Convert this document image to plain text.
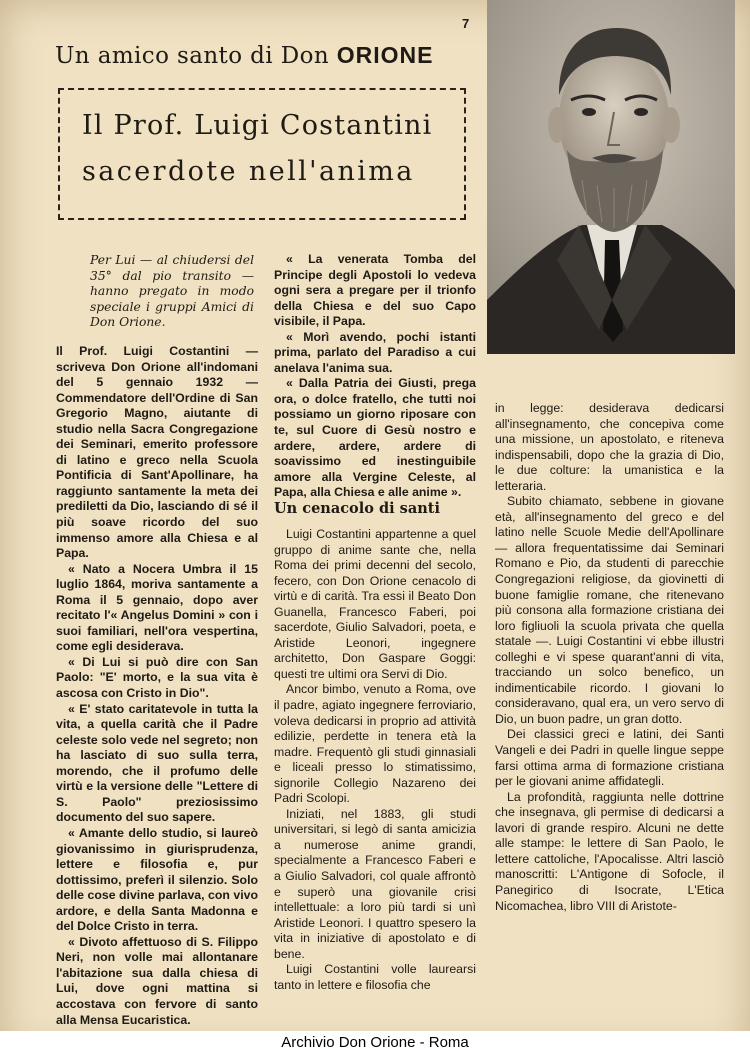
7
Un amico santo di Don ORIONE
Il Prof. Luigi Costantini
sacerdote nell'anima
Per Lui — al chiudersi del 35° dal pio transito — hanno pregato in modo speciale i gruppi Amici di Don Orione.

Il Prof. Luigi Costantini — scriveva Don Orione all'indomani del 5 gennaio 1932 — Commendatore dell'Ordine di San Gregorio Magno, aiutante di studio nella Sacra Congregazione dei Seminari, emerito professore di latino e greco nella Scuola Pontificia di Sant'Apollinare, ha raggiunto santamente la meta dei prediletti da Dio, lasciando di sé il più soave ricordo del suo immenso amore alla Chiesa e al Papa.

« Nato a Nocera Umbra il 15 luglio 1864, moriva santamente a Roma il 5 gennaio, dopo aver recitato l'« Angelus Domini » con i suoi familiari, nell'ora vespertina, come egli desiderava.

« Di Lui si può dire con San Paolo: "E' morto, e la sua vita è ascosa con Cristo in Dio".

« E' stato caritatevole in tutta la vita, a quella carità che il Padre celeste solo vede nel segreto; non ha lasciato di suo sulla terra, morendo, che il profumo delle virtù e la versione delle "Lettere di S. Paolo" preziosissimo documento del suo sapere.

« Amante dello studio, si laureò giovanissimo in giurisprudenza, lettere e filosofia e, pur dottissimo, preferì il silenzio. Solo delle cose divine parlava, con vivo ardore, e della Santa Madonna e del Dolce Cristo in terra.

« Divoto affettuoso di S. Filippo Neri, non volle mai allontanare l'abitazione sua dalla chiesa di Lui, dove ogni mattina si accostava con fervore di santo alla Mensa Eucaristica.

« La venerata Tomba del Principe degli Apostoli lo vedeva ogni sera a pregare per il trionfo della Chiesa e del suo Capo visibile, il Papa.

« Morì avendo, pochi istanti prima, parlato del Paradiso a cui anelava l'anima sua.

« Dalla Patria dei Giusti, prega ora, o dolce fratello, che tutti noi possiamo un giorno riposare con te, sul Cuore di Gesù nostro e ardere, ardere, ardere di soavissimo ed inestinguibile amore alla Vergine Celeste, al Papa, alla Chiesa e alle anime ».

Un cenacolo di santi

Luigi Costantini appartenne a quel gruppo di anime sante che, nella Roma dei primi decenni del secolo, fecero, con Don Orione cenacolo di virtù e di carità. Tra essi il Beato Don Guanella, Francesco Faberi, poi sacerdote, Giulio Salvadori, poeta, e Aristide Leonori, ingegnere architetto, Don Gaspare Goggi: questi tre ultimi ora Servi di Dio.

Ancor bimbo, venuto a Roma, ove il padre, agiato ingegnere ferroviario, voleva dedicarsi in proprio ad attività edilizie, perdette in tenera età la madre. Frequentò gli studi ginnasiali e liceali presso lo stimatissimo, signorile Collegio Nazareno dei Padri Scolopi.

Iniziati, nel 1883, gli studi universitari, si legò di santa amicizia a numerose anime grandi, specialmente a Francesco Faberi e a Giulio Salvadori, col quale affrontò e superò una giovanile crisi intellettuale: a loro più tardi si unì Aristide Leonori. I quattro spesero la vita in iniziative di apostolato e di bene.

Luigi Costantini volle laurearsi tanto in lettere e filosofia che

in legge: desiderava dedicarsi all'insegnamento, che concepiva come una missione, un apostolato, e riteneva indispensabili, dopo che la grazia di Dio, le due colture: la umanistica e la letteraria.

Subito chiamato, sebbene in giovane età, all'insegnamento del greco e del latino nelle Scuole Medie dell'Apollinare — allora frequentatissime dai Seminari Romano e Pio, da studenti di parecchie Congregazioni religiose, da giovinetti di buone famiglie romane, che ritenevano più consona alla formazione cristiana dei loro figliuoli la scuola privata che quella statale —. Luigi Costantini vi ebbe illustri colleghi e vi spese quarant'anni di vita, tracciando un solco benefico, un indimenticabile ricordo. I giovani lo consideravano, qual era, un vero servo di Dio, un buon padre, un gran dotto.

Dei classici greci e latini, dei Santi Vangeli e dei Padri in quelle lingue seppe farsi ottima arma di formazione cristiana per le giovani anime affidategli.

La profondità, raggiunta nelle dottrine che insegnava, gli permise di dedicarsi a lavori di grande respiro. Alcuni ne dette alle stampe: le lettere di San Paolo, le lettere cattoliche, l'Apocalisse. Altri lasciò manoscritti: L'Antigone di Sofocle, il Panegirico di Isocrate, L'Etica Nicomachea, libro VIII di Aristote-

Archivio Don Orione - Roma
